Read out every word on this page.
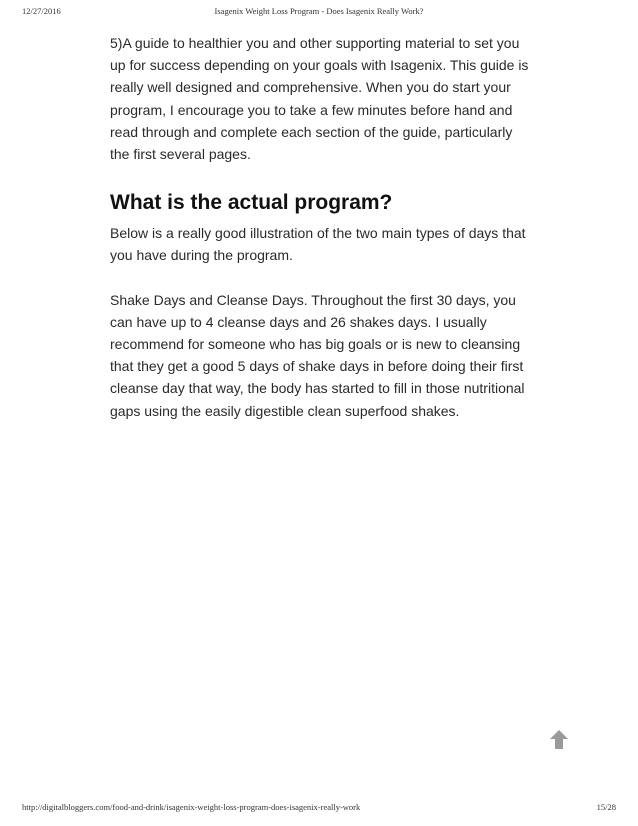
12/27/2016	Isagenix Weight Loss Program - Does Isagenix Really Work?

5)A guide to healthier you and other supporting material to set you up for success depending on your goals with Isagenix. This guide is really well designed and comprehensive. When you do start your program, I encourage you to take a few minutes before hand and read through and complete each section of the guide, particularly the first several pages.

What is the actual program?

Below is a really good illustration of the two main types of days that you have during the program.

Shake Days and Cleanse Days. Throughout the first 30 days, you can have up to 4 cleanse days and 26 shakes days. I usually recommend for someone who has big goals or is new to cleansing that they get a good 5 days of shake days in before doing their first cleanse day that way, the body has started to fill in those nutritional gaps using the easily digestible clean superfood shakes.

http://digitalbloggers.com/food-and-drink/isagenix-weight-loss-program-does-isagenix-really-work	15/28
